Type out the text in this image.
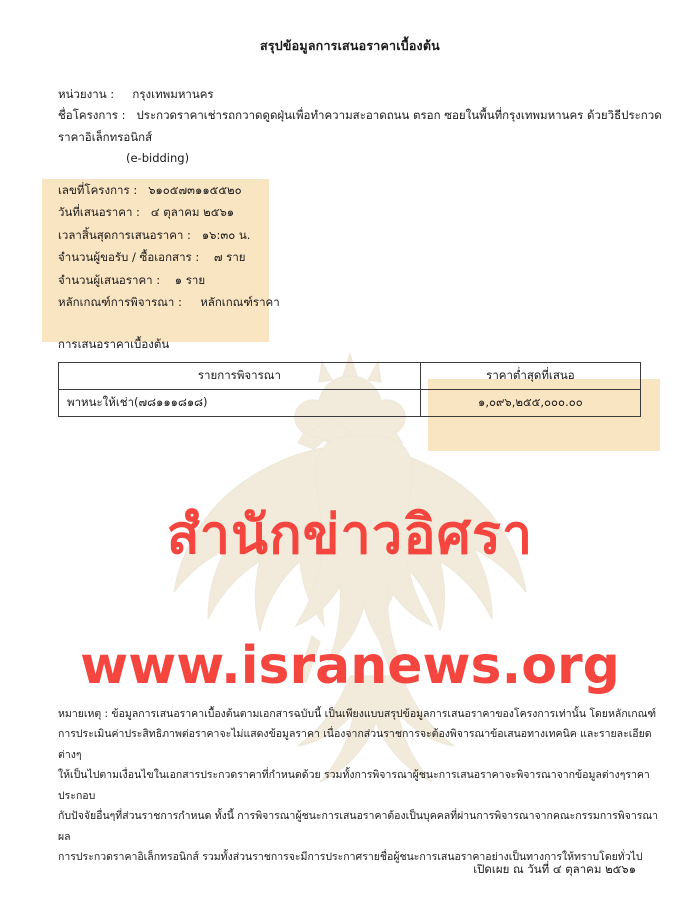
สำนักข่าวอิศรา
www.isranews.org
สรุปข้อมูลการเสนอราคาเบื้องต้น
หน่วยงาน : กรุงเทพมหานคร
ชื่อโครงการ : ประกวดราคาเช่ารถกวาดดูดฝุ่นเพื่อทำความสะอาดถนน ตรอก ซอยในพื้นที่กรุงเทพมหานคร ด้วยวิธีประกวดราคาอิเล็กทรอนิกส์
(e-bidding)
เลขที่โครงการ : ๖๑๐๕๗๓๑๑๕๕๒๐
วันที่เสนอราคา : ๔ ตุลาคม ๒๕๖๑
เวลาสิ้นสุดการเสนอราคา : ๑๖:๓๐ น.
จำนวนผู้ขอรับ / ซื้อเอกสาร : ๗ ราย
จำนวนผู้เสนอราคา : ๑ ราย
หลักเกณฑ์การพิจารณา : หลักเกณฑ์ราคา
การเสนอราคาเบื้องต้น
รายการพิจารณา	ราคาต่ำสุดที่เสนอ
พาหนะให้เช่า(๗๘๑๑๑๘๑๘)	๑,๐๙๖,๒๕๕,๐๐๐.๐๐

หมายเหตุ : ข้อมูลการเสนอราคาเบื้องต้นตามเอกสารฉบับนี้ เป็นเพียงแบบสรุปข้อมูลการเสนอราคาของโครงการเท่านั้น โดยหลักเกณฑ์

การประเมินค่าประสิทธิภาพต่อราคาจะไม่แสดงข้อมูลราคา เนื่องจากส่วนราชการจะต้องพิจารณาข้อเสนอทางเทคนิค และรายละเอียดต่างๆ

ให้เป็นไปตามเงื่อนไขในเอกสารประกวดราคาที่กำหนดด้วย รวมทั้งการพิจารณาผู้ชนะการเสนอราคาจะพิจารณาจากข้อมูลต่างๆราคาประกอบ

กับปัจจัยอื่นๆที่ส่วนราชการกำหนด ทั้งนี้ การพิจารณาผู้ชนะการเสนอราคาต้องเป็นบุคคลที่ผ่านการพิจารณาจากคณะกรรมการพิจารณาผล

การประกวดราคาอิเล็กทรอนิกส์ รวมทั้งส่วนราชการจะมีการประกาศรายชื่อผู้ชนะการเสนอราคาอย่างเป็นทางการให้ทราบโดยทั่วไป

เปิดเผย ณ วันที่ ๔ ตุลาคม ๒๕๖๑
